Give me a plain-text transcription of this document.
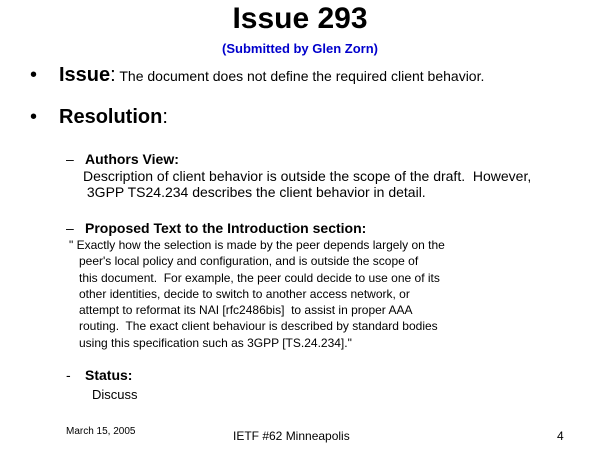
Issue 293
(Submitted by Glen Zorn)
• Issue: The document does not define the required client behavior.
• Resolution:
– Authors View:
Description of client behavior is outside the scope of the draft.  However,
3GPP TS24.234 describes the client behavior in detail.
– Proposed Text to the Introduction section:
" Exactly how the selection is made by the peer depends largely on the
peer's local policy and configuration, and is outside the scope of
this document.  For example, the peer could decide to use one of its
other identities, decide to switch to another access network, or
attempt to reformat its NAI [rfc2486bis]  to assist in proper AAA
routing.  The exact client behaviour is described by standard bodies
using this specification such as 3GPP [TS.24.234]."
- Status:
Discuss
March 15, 2005	IETF #62 Minneapolis	4
